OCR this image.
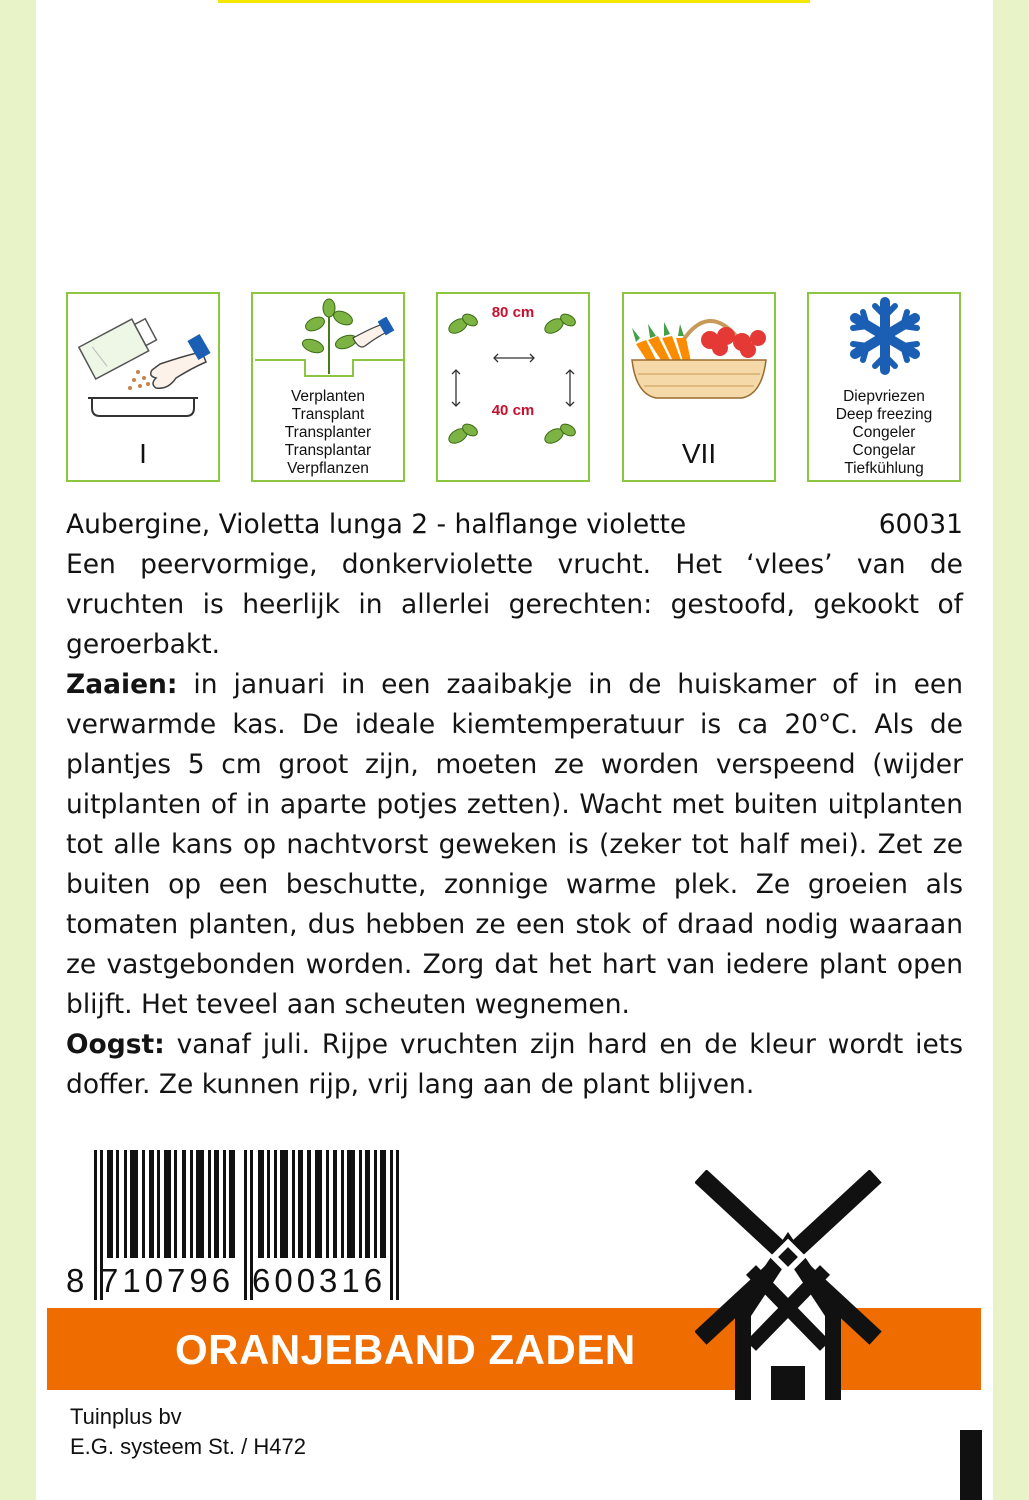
I
Verplanten
Transplant
Transplanter
Transplantar
Verpflanzen
80 cm
40 cm
VII
Diepvriezen
Deep freezing
Congeler
Congelar
Tiefkühlung
Aubergine, Violetta lunga 2 - halflange violette	60031

Een peervormige, donkerviolette vrucht. Het ‘vlees’ van de vruchten is heerlijk in allerlei gerechten: gestoofd, gekookt of geroerbakt.

Zaaien: in januari in een zaaibakje in de huiskamer of in een verwarmde kas. De ideale kiemtemperatuur is ca 20°C. Als de plantjes 5 cm groot zijn, moeten ze worden verspeend (wijder uitplanten of in aparte potjes zetten). Wacht met buiten uitplanten tot alle kans op nachtvorst geweken is (zeker tot half mei). Zet ze buiten op een beschutte, zonnige warme plek. Ze groeien als tomaten planten, dus hebben ze een stok of draad nodig waaraan ze vastgebonden worden. Zorg dat het hart van iedere plant open blijft. Het teveel aan scheuten wegnemen.

Oogst: vanaf juli. Rijpe vruchten zijn hard en de kleur wordt iets doffer. Ze kunnen rijp, vrij lang aan de plant blijven.

8 710796 600316
ORANJEBAND ZADEN
Tuinplus bv
E.G. systeem St. / H472
